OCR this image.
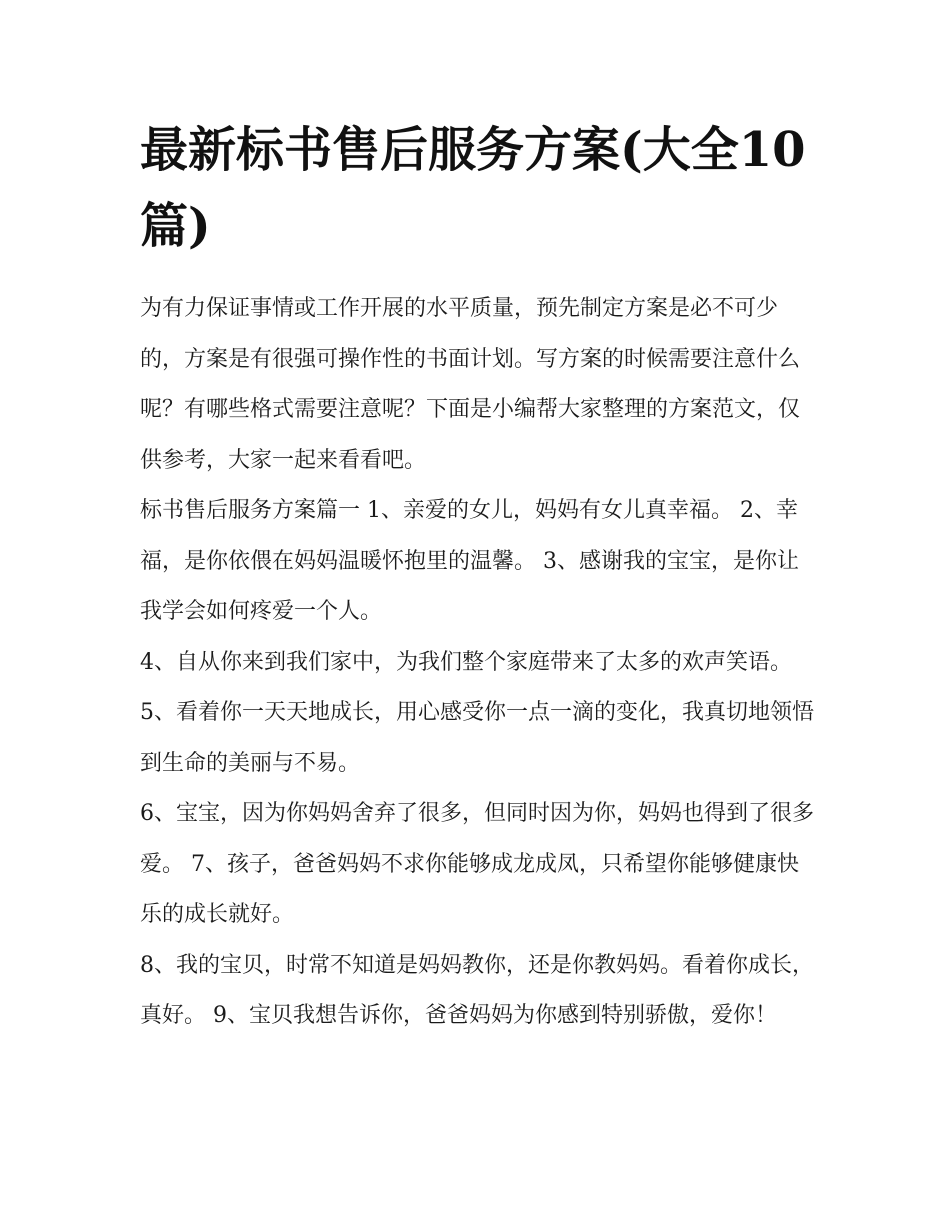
最新标书售后服务方案(大全10篇)

为有力保证事情或工作开展的水平质量，预先制定方案是必不可少的，方案是有很强可操作性的书面计划。写方案的时候需要注意什么呢？有哪些格式需要注意呢？下面是小编帮大家整理的方案范文，仅供参考，大家一起来看看吧。

标书售后服务方案篇一 1、亲爱的女儿，妈妈有女儿真幸福。 2、幸福，是你依偎在妈妈温暖怀抱里的温馨。 3、感谢我的宝宝，是你让我学会如何疼爱一个人。

4、自从你来到我们家中，为我们整个家庭带来了太多的欢声笑语。 5、看着你一天天地成长，用心感受你一点一滴的变化，我真切地领悟到生命的美丽与不易。

6、宝宝，因为你妈妈舍弃了很多，但同时因为你，妈妈也得到了很多爱。 7、孩子，爸爸妈妈不求你能够成龙成凤，只希望你能够健康快乐的成长就好。

8、我的宝贝，时常不知道是妈妈教你，还是你教妈妈。看着你成长，真好。 9、宝贝我想告诉你，爸爸妈妈为你感到特别骄傲，爱你！
